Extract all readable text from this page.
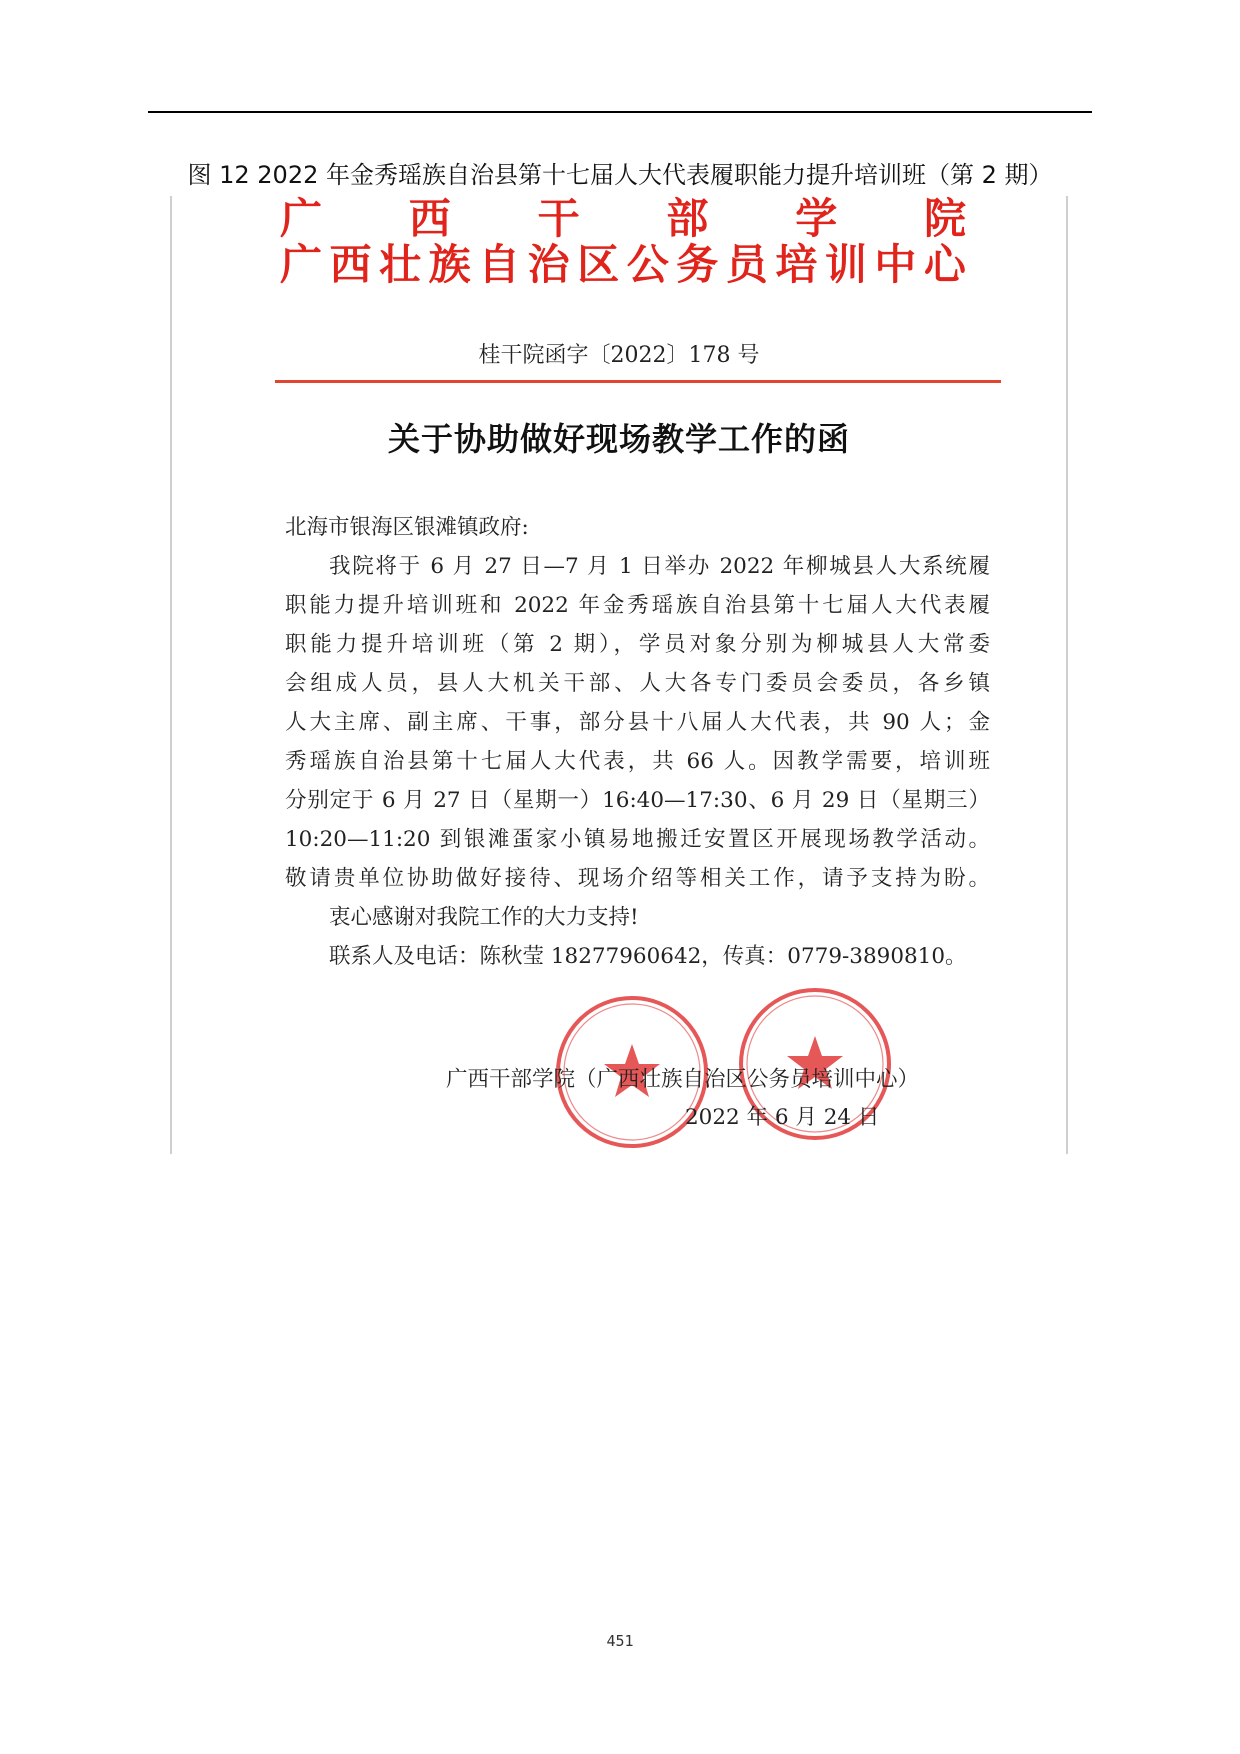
图 12 2022 年金秀瑶族自治县第十七届人大代表履职能力提升培训班（第 2 期）
广 西 干 部 学 院
广 西 壮 族 自 治 区 公 务 员 培 训 中 心
桂干院函字〔2022〕178 号
关于协助做好现场教学工作的函
北海市银海区银滩镇政府:
我院将于 6 月 27 日—7 月 1 日举办 2022 年柳城县人大系统履
职能力提升培训班和 2022 年金秀瑶族自治县第十七届人大代表履
职能力提升培训班（第 2 期），学员对象分别为柳城县人大常委
会组成人员，县人大机关干部、人大各专门委员会委员，各乡镇
人大主席、副主席、干事，部分县十八届人大代表，共 90 人；金
秀瑶族自治县第十七届人大代表，共 66 人。因教学需要，培训班
分别定于 6 月 27 日（星期一）16:40—17:30、6 月 29 日（星期三）
10:20—11:20 到银滩蛋家小镇易地搬迁安置区开展现场教学活动。
敬请贵单位协助做好接待、现场介绍等相关工作，请予支持为盼。
衷心感谢对我院工作的大力支持!
联系人及电话：陈秋莹 18277960642，传真：0779-3890810。
广西干部学院（广西壮族自治区公务员培训中心）
2022 年 6 月 24 日
451
